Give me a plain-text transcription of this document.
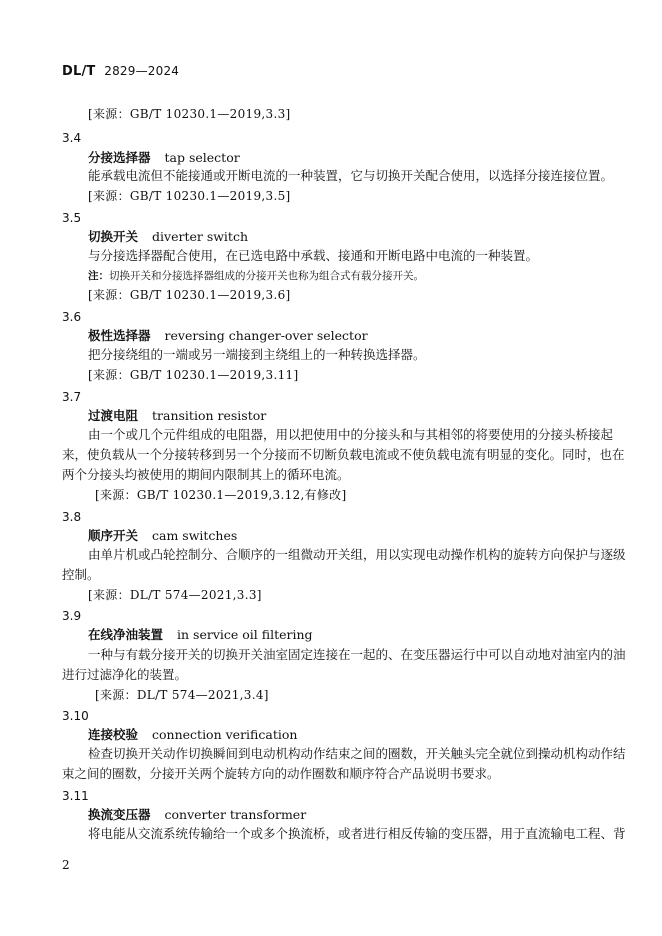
DL/T 2829—2024
[来源：GB/T 10230.1—2019,3.3]
3.4
分接选择器 tap selector
能承载电流但不能接通或开断电流的一种装置，它与切换开关配合使用，以选择分接连接位置。
[来源：GB/T 10230.1—2019,3.5]
3.5
切换开关 diverter switch
与分接选择器配合使用，在已选电路中承载、接通和开断电路中电流的一种装置。
注：切换开关和分接选择器组成的分接开关也称为组合式有载分接开关。
[来源：GB/T 10230.1—2019,3.6]
3.6
极性选择器 reversing changer-over selector
把分接绕组的一端或另一端接到主绕组上的一种转换选择器。
[来源：GB/T 10230.1—2019,3.11]
3.7
过渡电阻 transition resistor
由一个或几个元件组成的电阻器，用以把使用中的分接头和与其相邻的将要使用的分接头桥接起
来，使负载从一个分接转移到另一个分接而不切断负载电流或不使负载电流有明显的变化。同时，也在
两个分接头均被使用的期间内限制其上的循环电流。
[来源：GB/T 10230.1—2019,3.12,有修改]
3.8
顺序开关 cam switches
由单片机或凸轮控制分、合顺序的一组微动开关组，用以实现电动操作机构的旋转方向保护与逐级
控制。
[来源：DL/T 574—2021,3.3]
3.9
在线净油装置 in service oil filtering
一种与有载分接开关的切换开关油室固定连接在一起的、在变压器运行中可以自动地对油室内的油
进行过滤净化的装置。
[来源：DL/T 574—2021,3.4]
3.10
连接校验 connection verification
检查切换开关动作切换瞬间到电动机构动作结束之间的圈数，开关触头完全就位到操动机构动作结
束之间的圈数，分接开关两个旋转方向的动作圈数和顺序符合产品说明书要求。
3.11
换流变压器 converter transformer
将电能从交流系统传输给一个或多个换流桥，或者进行相反传输的变压器，用于直流输电工程、背
2
